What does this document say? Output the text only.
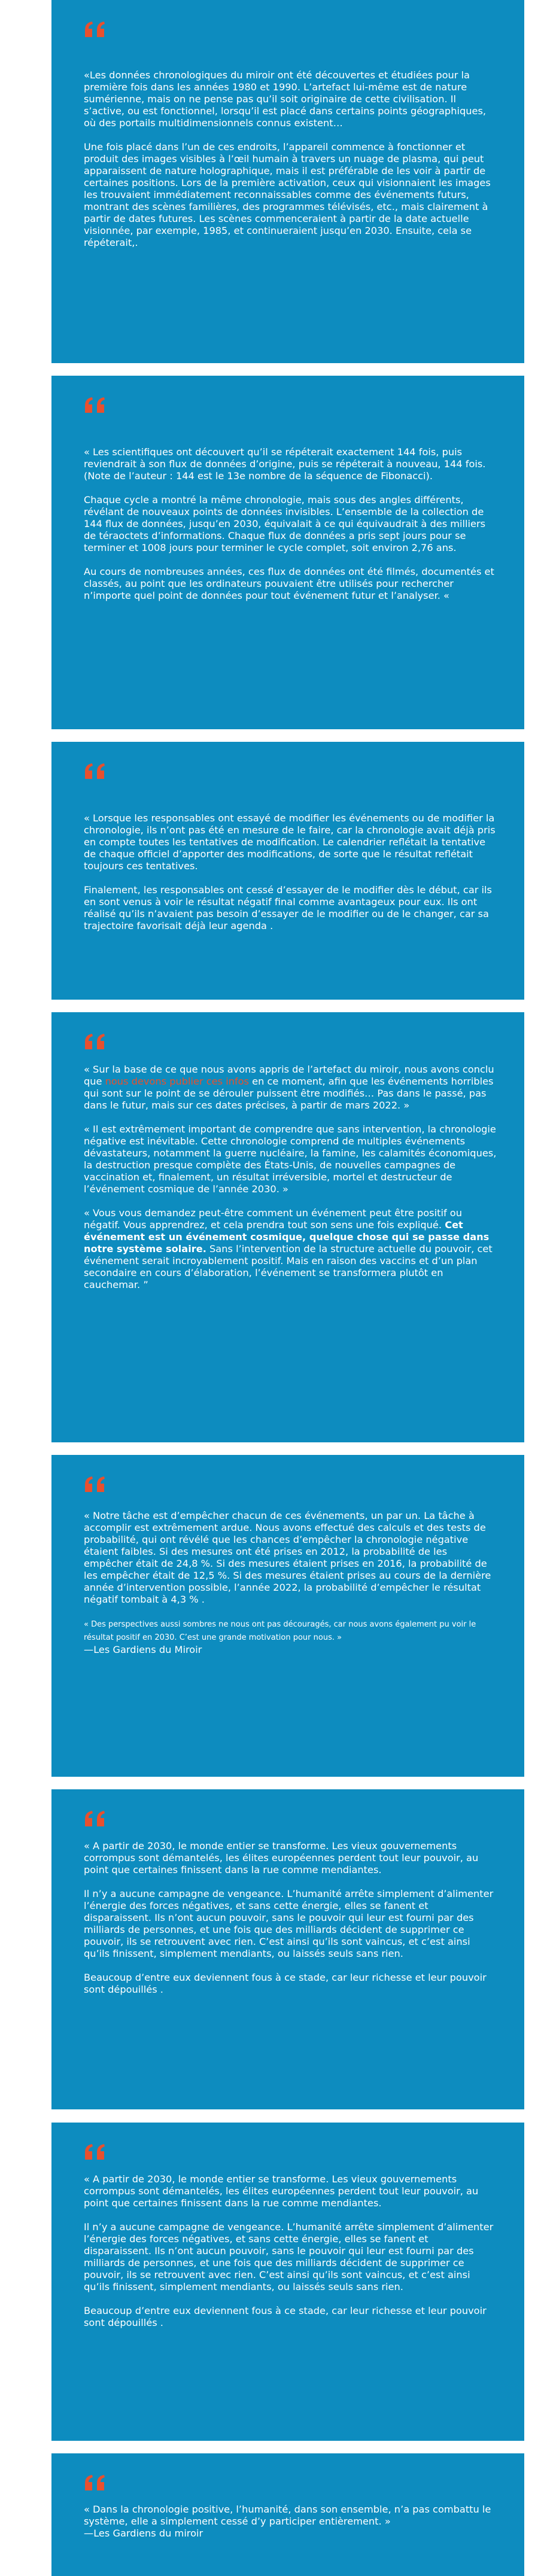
«Les données chronologiques du miroir ont été découvertes et étudiées pour la première fois dans les années 1980 et 1990. L’artefact lui-même est de nature sumérienne, mais on ne pense pas qu’il soit originaire de cette civilisation. Il s’active, ou est fonctionnel, lorsqu’il est placé dans certains points géographiques, où des portails multidimensionnels connus existent…

Une fois placé dans l’un de ces endroits, l’appareil commence à fonctionner et produit des images visibles à l’œil humain à travers un nuage de plasma, qui peut apparaissent de nature holographique, mais il est préférable de les voir à partir de certaines positions. Lors de la première activation, ceux qui visionnaient les images les trouvaient immédiatement reconnaissables comme des événements futurs, montrant des scènes familières, des programmes télévisés, etc., mais clairement à partir de dates futures. Les scènes commenceraient à partir de la date actuelle visionnée, par exemple, 1985, et continueraient jusqu’en 2030. Ensuite, cela se répéterait,.

« Les scientifiques ont découvert qu’il se répéterait exactement 144 fois, puis reviendrait à son flux de données d’origine, puis se répéterait à nouveau, 144 fois. (Note de l’auteur : 144 est le 13e nombre de la séquence de Fibonacci).

Chaque cycle a montré la même chronologie, mais sous des angles différents, révélant de nouveaux points de données invisibles. L’ensemble de la collection de 144 flux de données, jusqu’en 2030, équivalait à ce qui équivaudrait à des milliers de téraoctets d’informations. Chaque flux de données a pris sept jours pour se terminer et 1008 jours pour terminer le cycle complet, soit environ 2,76 ans.

Au cours de nombreuses années, ces flux de données ont été filmés, documentés et classés, au point que les ordinateurs pouvaient être utilisés pour rechercher n’importe quel point de données pour tout événement futur et l’analyser. «

« Lorsque les responsables ont essayé de modifier les événements ou de modifier la chronologie, ils n’ont pas été en mesure de le faire, car la chronologie avait déjà pris en compte toutes les tentatives de modification. Le calendrier reflétait la tentative de chaque officiel d’apporter des modifications, de sorte que le résultat reflétait toujours ces tentatives.

Finalement, les responsables ont cessé d’essayer de le modifier dès le début, car ils en sont venus à voir le résultat négatif final comme avantageux pour eux. Ils ont réalisé qu’ils n’avaient pas besoin d’essayer de le modifier ou de le changer, car sa trajectoire favorisait déjà leur agenda .

« Sur la base de ce que nous avons appris de l’artefact du miroir, nous avons conclu que nous devons publier ces infos en ce moment, afin que les événements horribles qui sont sur le point de se dérouler puissent être modifiés… Pas dans le passé, pas dans le futur, mais sur ces dates précises, à partir de mars 2022. »

« Il est extrêmement important de comprendre que sans intervention, la chronologie négative est inévitable. Cette chronologie comprend de multiples événements dévastateurs, notamment la guerre nucléaire, la famine, les calamités économiques, la destruction presque complète des États-Unis, de nouvelles campagnes de vaccination et, finalement, un résultat irréversible, mortel et destructeur de l’événement cosmique de l’année 2030. »

« Vous vous demandez peut-être comment un événement peut être positif ou négatif. Vous apprendrez, et cela prendra tout son sens une fois expliqué. Cet événement est un événement cosmique, quelque chose qui se passe dans notre système solaire. Sans l’intervention de la structure actuelle du pouvoir, cet événement serait incroyablement positif. Mais en raison des vaccins et d’un plan secondaire en cours d’élaboration, l’événement se transformera plutôt en cauchemar. ”

« Notre tâche est d’empêcher chacun de ces événements, un par un. La tâche à accomplir est extrêmement ardue. Nous avons effectué des calculs et des tests de probabilité, qui ont révélé que les chances d’empêcher la chronologie négative étaient faibles. Si des mesures ont été prises en 2012, la probabilité de les empêcher était de 24,8 %. Si des mesures étaient prises en 2016, la probabilité de les empêcher était de 12,5 %. Si des mesures étaient prises au cours de la dernière année d’intervention possible, l’année 2022, la probabilité d’empêcher le résultat négatif tombait à 4,3 % .

« Des perspectives aussi sombres ne nous ont pas découragés, car nous avons également pu voir le résultat positif en 2030. C’est une grande motivation pour nous. »
—Les Gardiens du Miroir

« A partir de 2030, le monde entier se transforme. Les vieux gouvernements corrompus sont démantelés, les élites européennes perdent tout leur pouvoir, au point que certaines finissent dans la rue comme mendiantes.

Il n’y a aucune campagne de vengeance. L’humanité arrête simplement d’alimenter l’énergie des forces négatives, et sans cette énergie, elles se fanent et disparaissent. Ils n’ont aucun pouvoir, sans le pouvoir qui leur est fourni par des milliards de personnes, et une fois que des milliards décident de supprimer ce pouvoir, ils se retrouvent avec rien. C’est ainsi qu’ils sont vaincus, et c’est ainsi qu’ils finissent, simplement mendiants, ou laissés seuls sans rien.

Beaucoup d’entre eux deviennent fous à ce stade, car leur richesse et leur pouvoir sont dépouillés .

« A partir de 2030, le monde entier se transforme. Les vieux gouvernements corrompus sont démantelés, les élites européennes perdent tout leur pouvoir, au point que certaines finissent dans la rue comme mendiantes.

Il n’y a aucune campagne de vengeance. L’humanité arrête simplement d’alimenter l’énergie des forces négatives, et sans cette énergie, elles se fanent et disparaissent. Ils n’ont aucun pouvoir, sans le pouvoir qui leur est fourni par des milliards de personnes, et une fois que des milliards décident de supprimer ce pouvoir, ils se retrouvent avec rien. C’est ainsi qu’ils sont vaincus, et c’est ainsi qu’ils finissent, simplement mendiants, ou laissés seuls sans rien.

Beaucoup d’entre eux deviennent fous à ce stade, car leur richesse et leur pouvoir sont dépouillés .

« Dans la chronologie positive, l’humanité, dans son ensemble, n’a pas combattu le système, elle a simplement cessé d’y participer entièrement. »
—Les Gardiens du miroir
